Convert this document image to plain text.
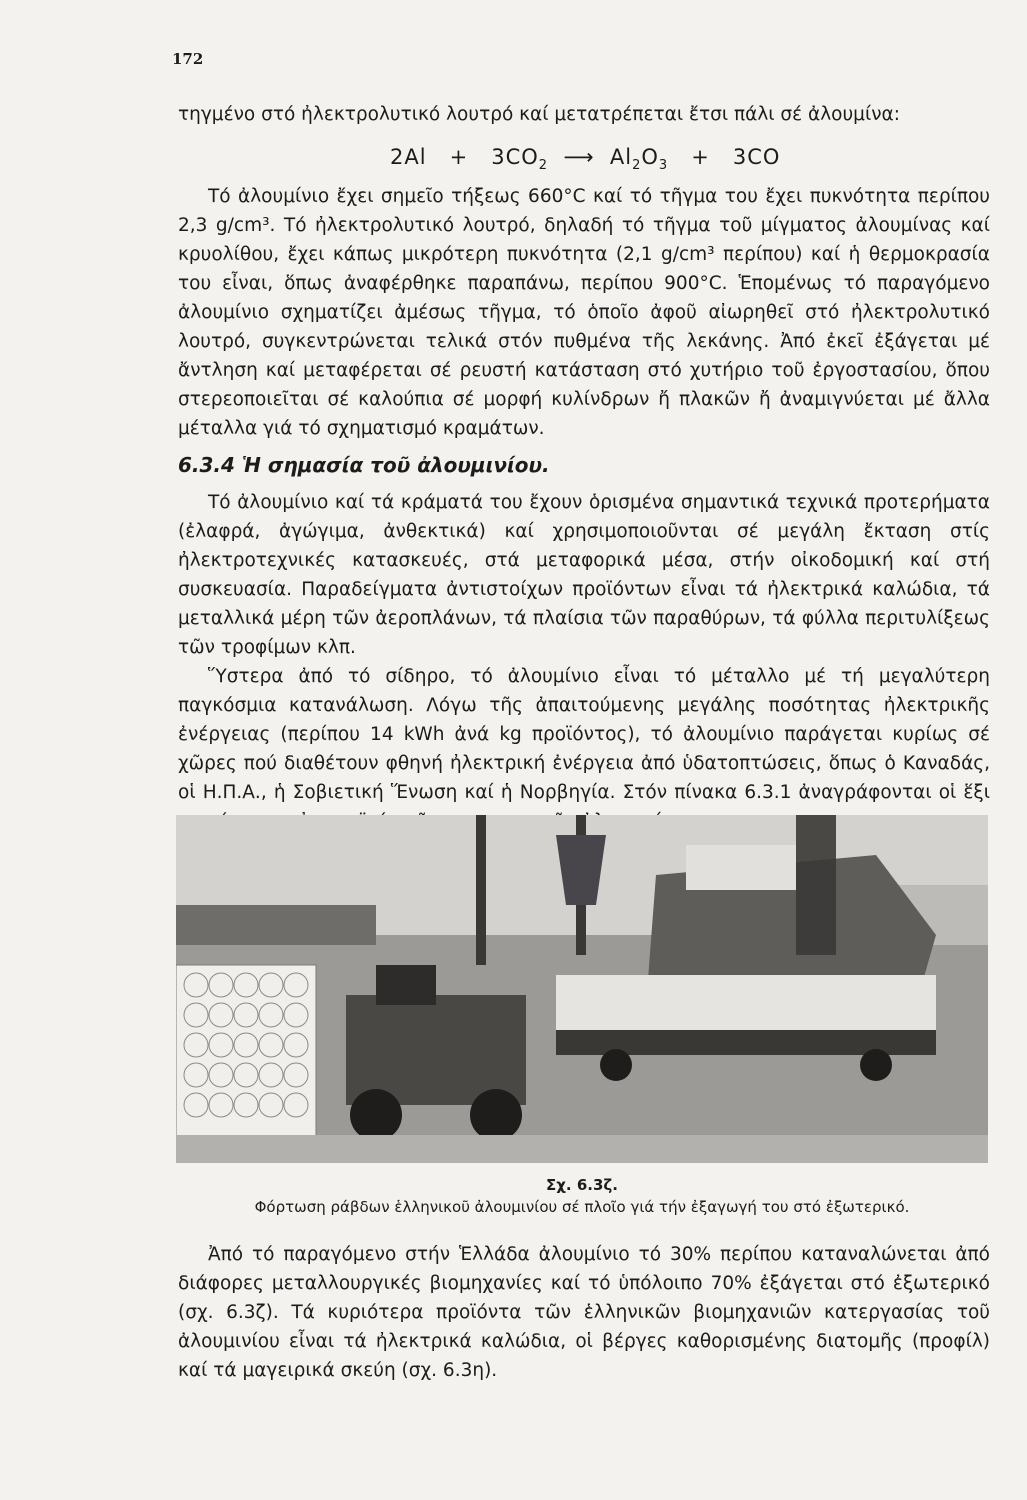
172

τηγμένο στό ἠλεκτρολυτικό λουτρό καί μετατρέπεται ἔτσι πάλι σέ ἀλουμίνα:

$2Al + 3CO_2$ ⟶ $Al_2O_3 + 3CO$

Τό ἀλουμίνιο ἔχει σημεῖο τήξεως 660°C καί τό τῆγμα του ἔχει πυκνότητα περίπου 2,3 g/cm³. Τό ἠλεκτρολυτικό λουτρό, δηλαδή τό τῆγμα τοῦ μίγματος ἀλουμίνας καί κρυολίθου, ἔχει κάπως μικρότερη πυκνότητα (2,1 g/cm³ περίπου) καί ἡ θερμοκρασία του εἶναι, ὅπως ἀναφέρθηκε παραπάνω, περίπου 900°C. Ἑπομένως τό παραγόμενο ἀλουμίνιο σχηματίζει ἀμέσως τῆγμα, τό ὁποῖο ἀφοῦ αἰωρηθεῖ στό ἠλεκτρολυτικό λουτρό, συγκεντρώνεται τελικά στόν πυθμένα τῆς λεκάνης. Ἀπό ἐκεῖ ἐξάγεται μέ ἄντληση καί μεταφέρεται σέ ρευστή κατάσταση στό χυτήριο τοῦ ἐργοστασίου, ὅπου στερεοποιεῖται σέ καλούπια σέ μορφή κυλίνδρων ἤ πλακῶν ἤ ἀναμιγνύεται μέ ἄλλα μέταλλα γιά τό σχηματισμό κραμάτων.

6.3.4 Ἡ σημασία τοῦ ἀλουμινίου.

Τό ἀλουμίνιο καί τά κράματά του ἔχουν ὁρισμένα σημαντικά τεχνικά προτερήματα (ἐλαφρά, ἀγώγιμα, ἀνθεκτικά) καί χρησιμοποιοῦνται σέ μεγάλη ἔκταση στίς ἠλεκτροτεχνικές κατασκευές, στά μεταφορικά μέσα, στήν οἰκοδομική καί στή συσκευασία. Παραδείγματα ἀντιστοίχων προϊόντων εἶναι τά ἠλεκτρικά καλώδια, τά μεταλλικά μέρη τῶν ἀεροπλάνων, τά πλαίσια τῶν παραθύρων, τά φύλλα περιτυλίξεως τῶν τροφίμων κλπ.

Ὕστερα ἀπό τό σίδηρο, τό ἀλουμίνιο εἶναι τό μέταλλο μέ τή μεγαλύτερη παγκόσμια κατανάλωση. Λόγω τῆς ἀπαιτούμενης μεγάλης ποσότητας ἠλεκτρικῆς ἐνέργειας (περίπου 14 kWh ἀνά kg προϊόντος), τό ἀλουμίνιο παράγεται κυρίως σέ χῶρες πού διαθέτουν φθηνή ἠλεκτρική ἐνέργεια ἀπό ὑδατοπτώσεις, ὅπως ὁ Καναδάς, οἱ Η.Π.Α., ἡ Σοβιετική Ἕνωση καί ἡ Νορβηγία. Στόν πίνακα 6.3.1 ἀναγράφονται οἱ ἕξι

Σχ. 6.3ζ.
Φόρτωση ράβδων ἑλληνικοῦ ἀλουμινίου σέ πλοῖο γιά τήν ἐξαγωγή του στό ἐξωτερικό.

Ἀπό τό παραγόμενο στήν Ἑλλάδα ἀλουμίνιο τό 30% περίπου καταναλώνεται ἀπό διάφορες μεταλλουργικές βιομηχανίες καί τό ὑπόλοιπο 70% ἐξάγεται στό ἐξωτερικό (σχ. 6.3ζ). Τά κυριότερα προϊόντα τῶν ἑλληνικῶν βιομηχανιῶν κατεργασίας τοῦ ἀλουμινίου εἶναι τά ἠλεκτρικά καλώδια, οἱ βέργες καθορισμένης διατομῆς (προφίλ) καί τά μαγειρικά σκεύη (σχ. 6.3η).
